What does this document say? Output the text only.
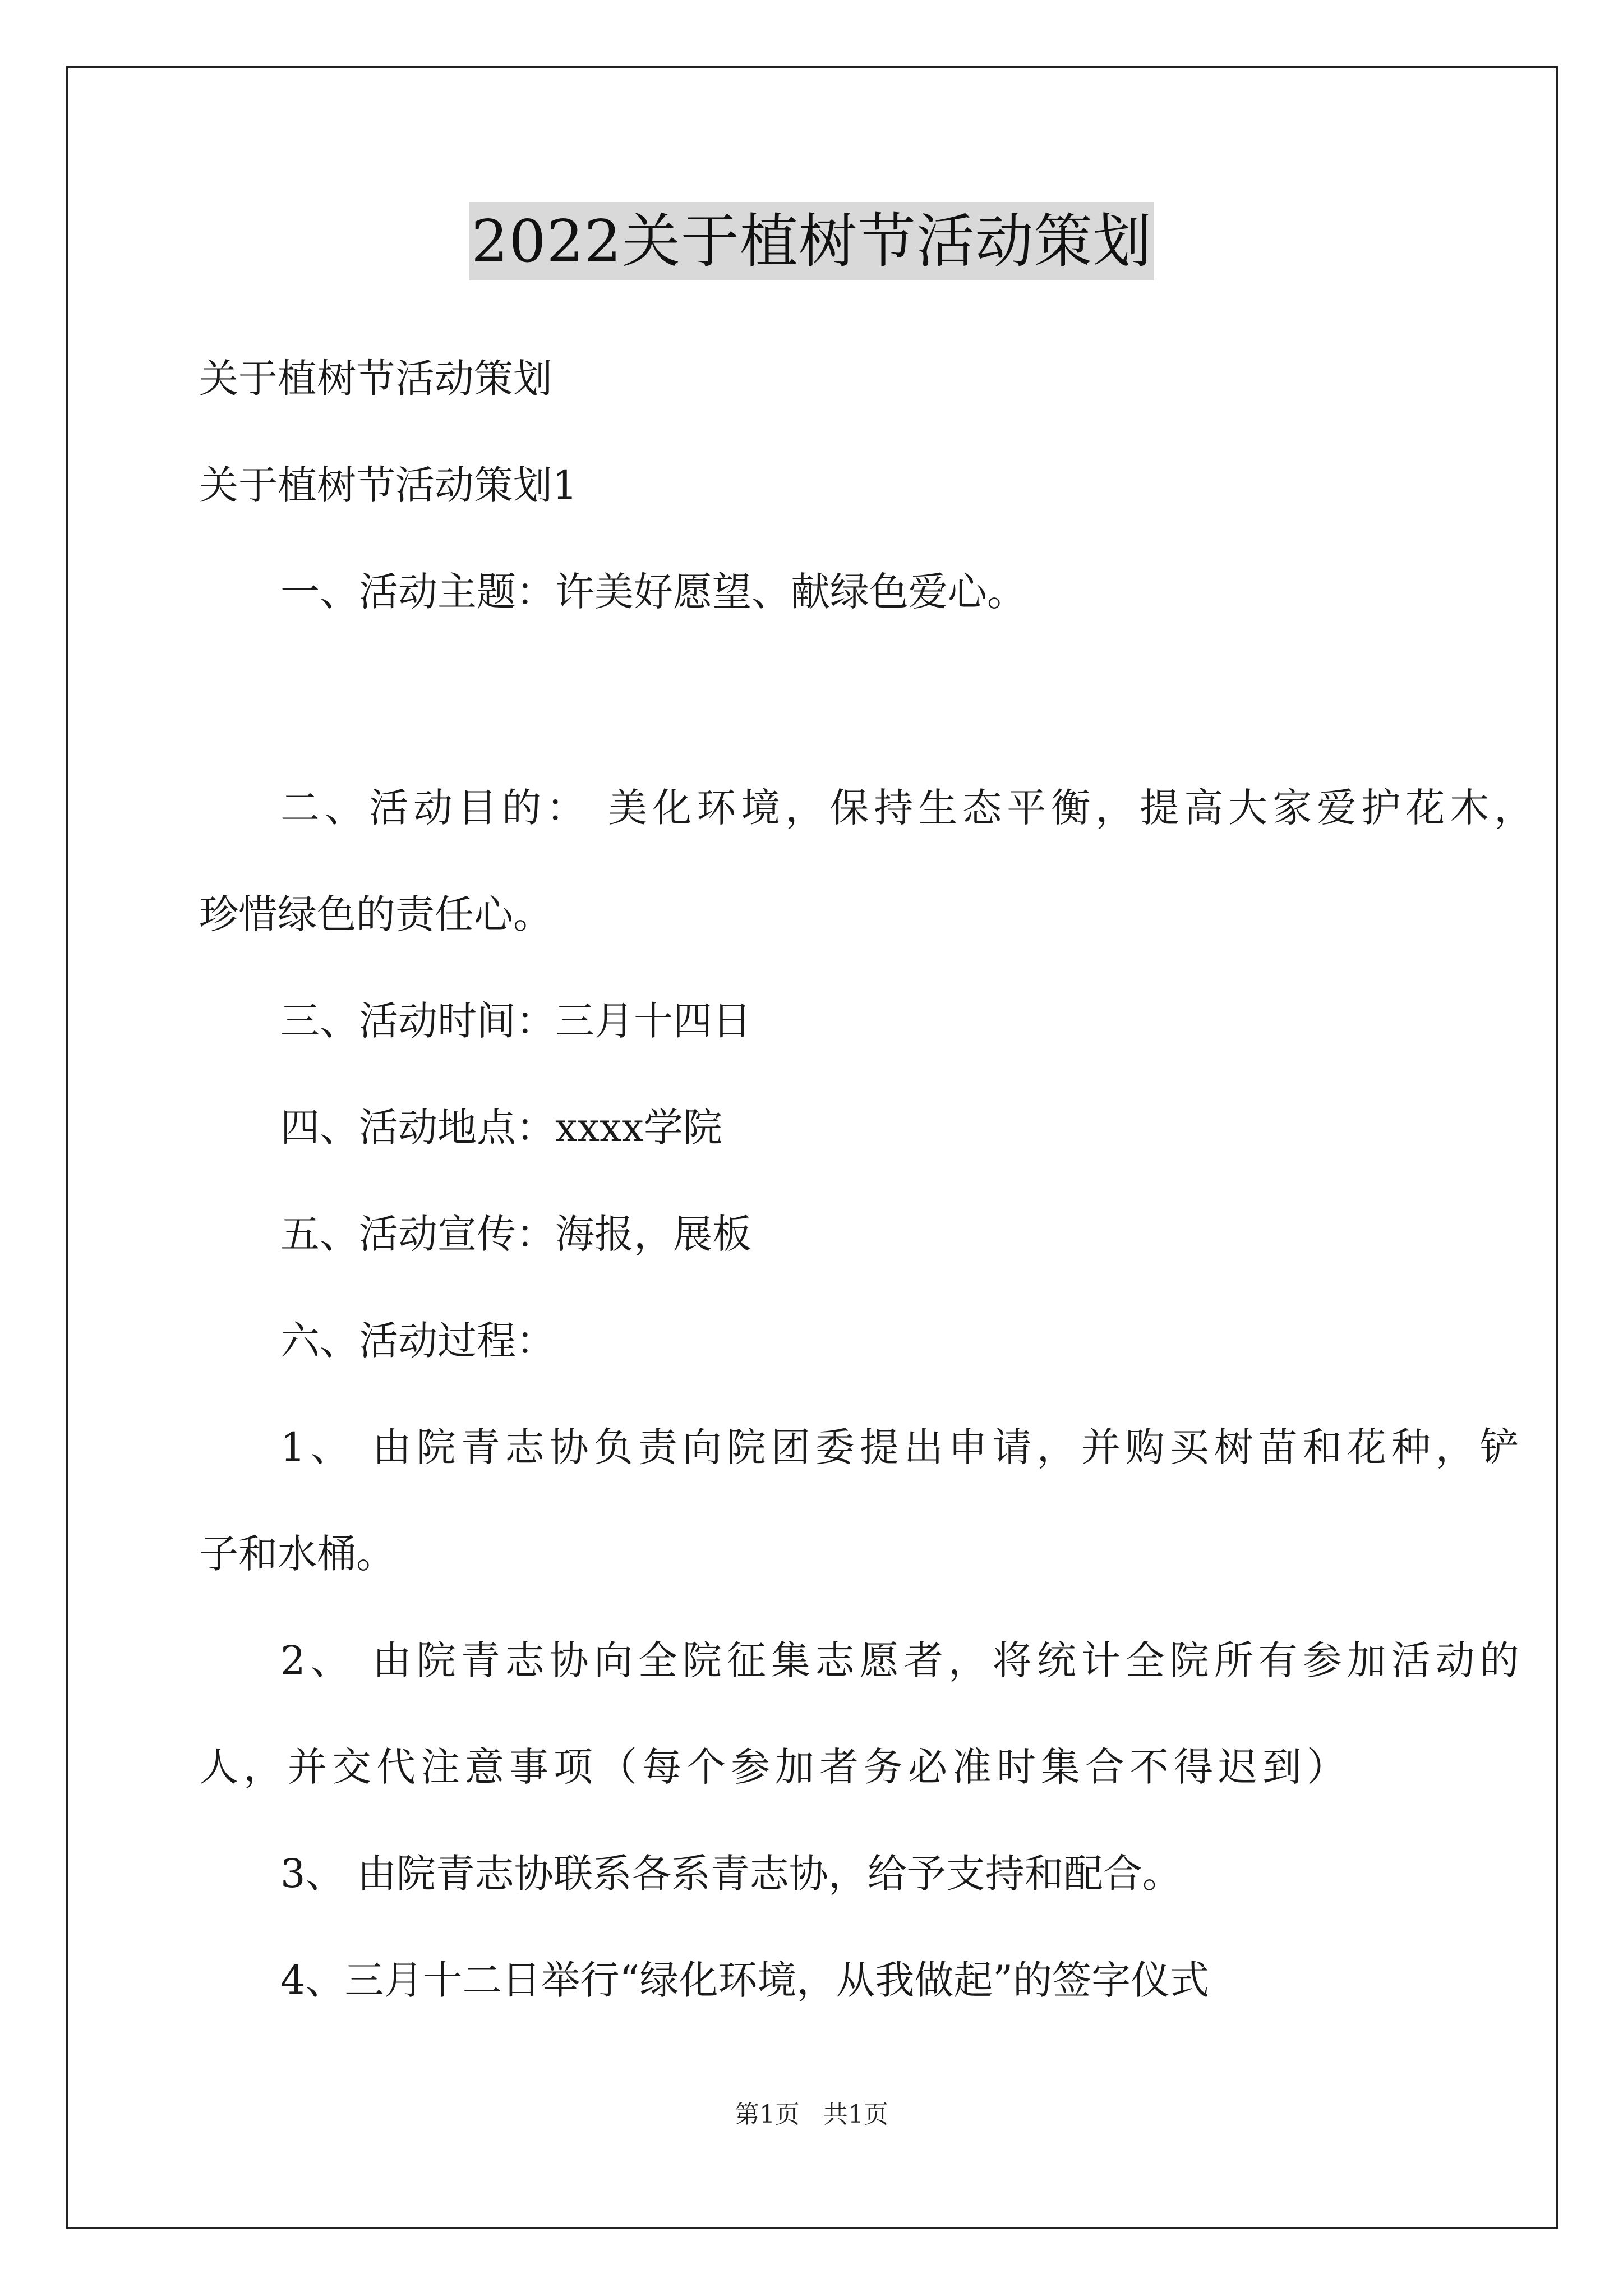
2022关于植树节活动策划
关于植树节活动策划
关于植树节活动策划1
一、活动主题：许美好愿望、献绿色爱心。
二、活动目的： 美化环境，保持生态平衡，提高大家爱护花木，
珍惜绿色的责任心。
三、活动时间：三月十四日
四、活动地点：xxxx学院
五、活动宣传：海报，展板
六、活动过程：
1、 由院青志协负责向院团委提出申请，并购买树苗和花种，铲
子和水桶。
2、 由院青志协向全院征集志愿者，将统计全院所有参加活动的
人，并交代注意事项（每个参加者务必准时集合不得迟到）
3、 由院青志协联系各系青志协，给予支持和配合。
4、三月十二日举行“绿化环境，从我做起”的签字仪式
第1页 共1页
